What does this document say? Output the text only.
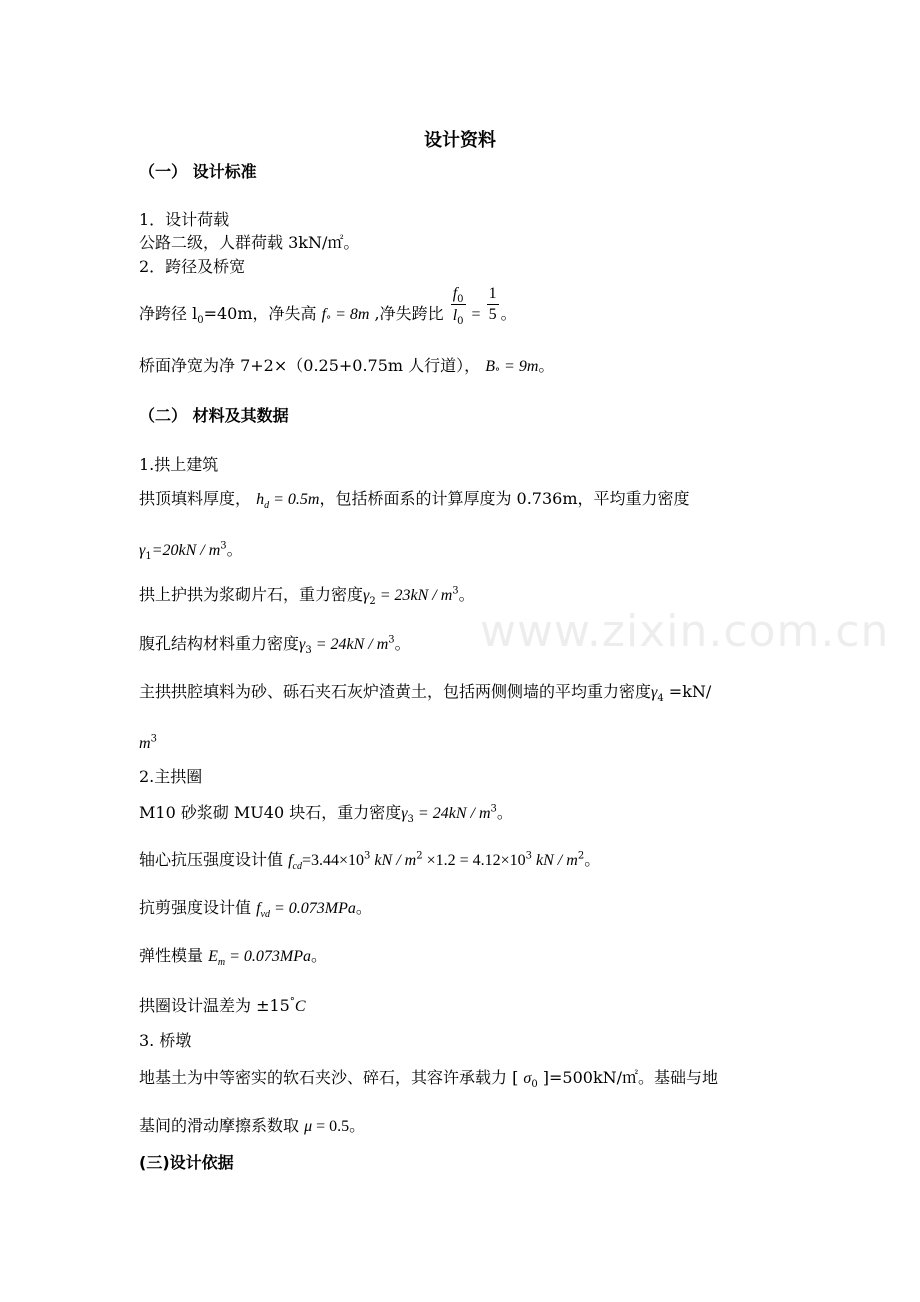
设计资料
（一） 设计标准
1．设计荷载
公路二级，人群荷载 3kN/㎡。
2．跨径及桥宽
净跨径 $l_0=40m$，净失高 $f^\circ = 8m$ ,净失跨比 $\frac{f_0}{l_0} = \frac{1}{5}$ 。
桥面净宽为净 7+2×（0.25+0.75m 人行道）， $B^\circ = 9m$。
（二） 材料及其数据
1.拱上建筑
拱顶填料厚度， $h_d = 0.5m$，包括桥面系的计算厚度为 0.736m，平均重力密度
$\gamma_1=20kN / m^3$。
拱上护拱为浆砌片石，重力密度$\gamma_2 = 23kN / m^3$。
腹孔结构材料重力密度$\gamma_3 = 24kN / m^3$。
主拱拱腔填料为砂、砾石夹石灰炉渣黄土，包括两侧侧墙的平均重力密度$\gamma_4 =kN/$
$m^3$
2.主拱圈
M10 砂浆砌 MU40 块石，重力密度$\gamma_3 = 24kN / m^3$。
轴心抗压强度设计值 $f_{cd}=3.44\times 10^3$ kN / $m^2 \times 1.2 = 4.12\times 10^3$ kN / $m^2$。
抗剪强度设计值 $f_{vd} = 0.073MPa$。
弹性模量 $E_m = 0.073MPa$。
拱圈设计温差为 ±15°C
3. 桥墩
地基土为中等密实的软石夹沙、碎石，其容许承载力 [ $\sigma_0$ ]=500kN/㎡。基础与地
基间的滑动摩擦系数取 μ = 0.5。
(三)设计依据
www.zixin.com.cn
